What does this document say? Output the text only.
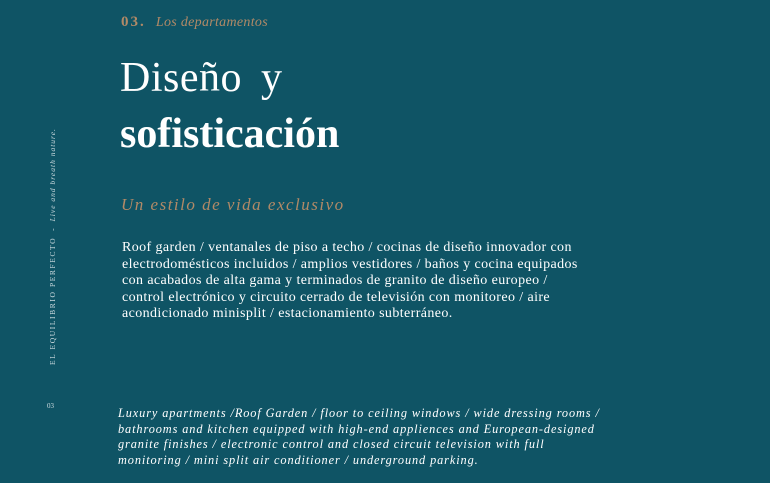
03. Los departamentos
Diseño y
sofisticación
Un estilo de vida exclusivo
Roof garden / ventanales de piso a techo / cocinas de diseño innovador con electrodomésticos incluidos / amplios vestidores / baños y cocina equipados con acabados de alta gama y terminados de granito de diseño europeo / control electrónico y circuito cerrado de televisión con monitoreo / aire acondicionado minisplit / estacionamiento subterráneo.
Luxury apartments /Roof Garden / floor to ceiling windows / wide dressing rooms / bathrooms and kitchen equipped with high-end appliences and European-designed granite finishes / electronic control and closed circuit television with full monitoring / mini split air conditioner / underground parking.
EL EQUILIBRIO PERFECTO-Live and breath nature.
03
